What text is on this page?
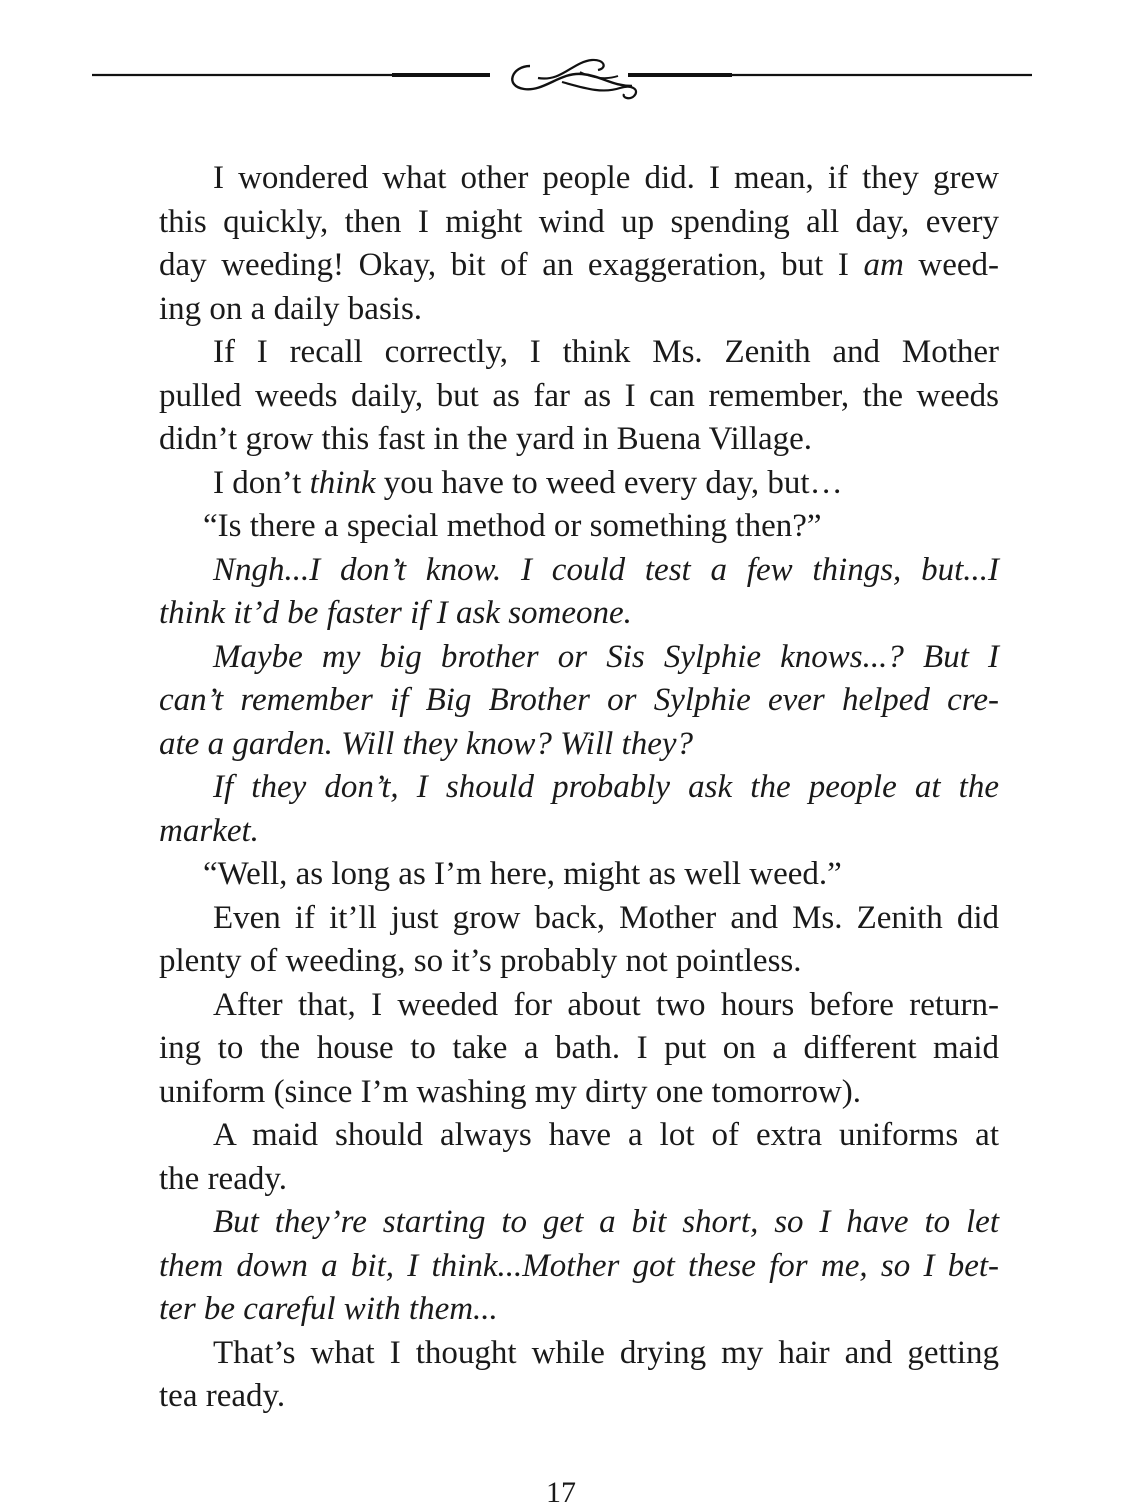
I wondered what other people did. I mean, if they grew
this quickly, then I might wind up spending all day, every
day weeding! Okay, bit of an exaggeration, but I am weed-
ing on a daily basis.
If I recall correctly, I think Ms. Zenith and Mother
pulled weeds daily, but as far as I can remember, the weeds
didn’t grow this fast in the yard in Buena Village.
I don’t think you have to weed every day, but…
“Is there a special method or something then?”
Nngh...I don’t know. I could test a few things, but...I
think it’d be faster if I ask someone.
Maybe my big brother or Sis Sylphie knows...? But I
can’t remember if Big Brother or Sylphie ever helped cre-
ate a garden. Will they know? Will they?
If they don’t, I should probably ask the people at the
market.
“Well, as long as I’m here, might as well weed.”
Even if it’ll just grow back, Mother and Ms. Zenith did
plenty of weeding, so it’s probably not pointless.
After that, I weeded for about two hours before return-
ing to the house to take a bath. I put on a different maid
uniform (since I’m washing my dirty one tomorrow).
A maid should always have a lot of extra uniforms at
the ready.
But they’re starting to get a bit short, so I have to let
them down a bit, I think...Mother got these for me, so I bet-
ter be careful with them...
That’s what I thought while drying my hair and getting
tea ready.
17
